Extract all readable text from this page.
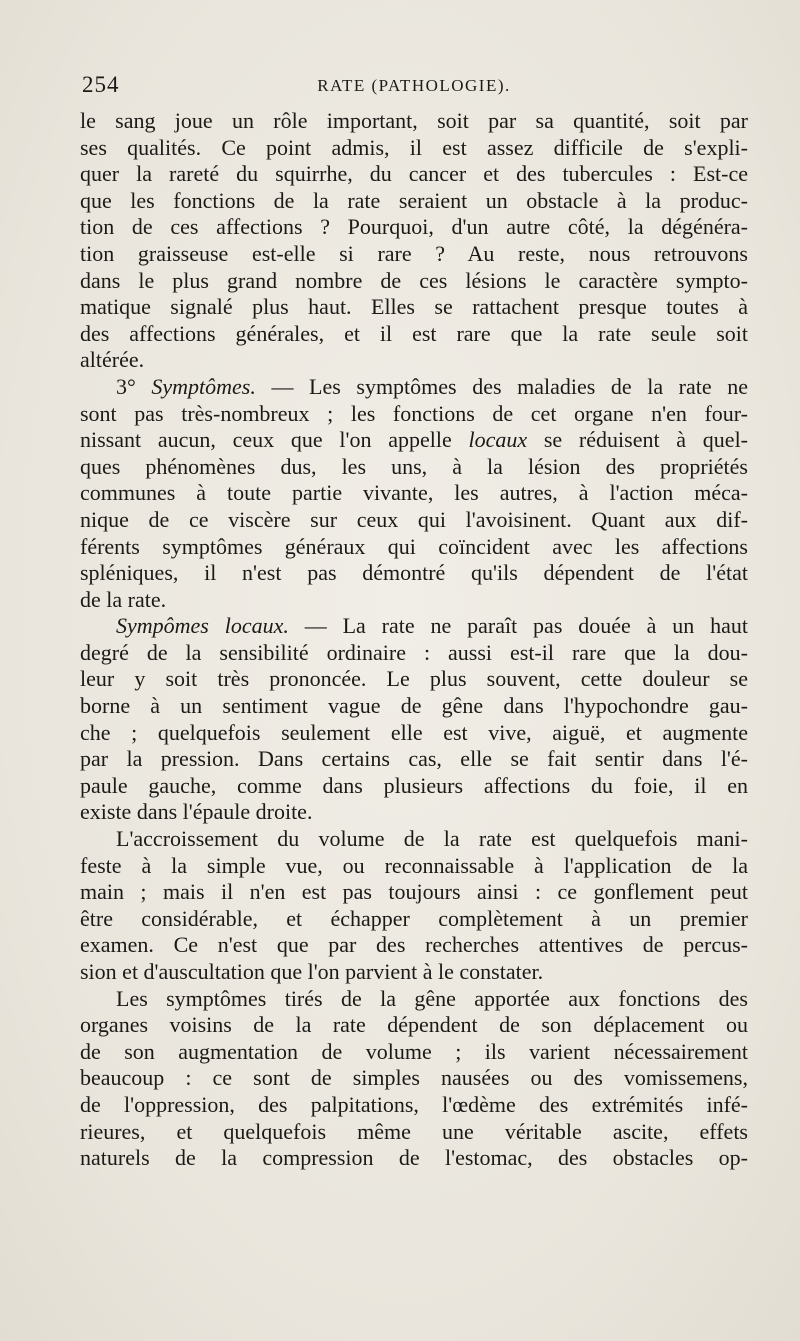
254	RATE (PATHOLOGIE).
le sang joue un rôle important, soit par sa quantité, soit par
ses qualités. Ce point admis, il est assez difficile de s'expli-
quer la rareté du squirrhe, du cancer et des tubercules : Est-ce
que les fonctions de la rate seraient un obstacle à la produc-
tion de ces affections ? Pourquoi, d'un autre côté, la dégénéra-
tion graisseuse est-elle si rare ? Au reste, nous retrouvons
dans le plus grand nombre de ces lésions le caractère sympto-
matique signalé plus haut. Elles se rattachent presque toutes à
des affections générales, et il est rare que la rate seule soit
altérée.
3° Symptômes. — Les symptômes des maladies de la rate ne
sont pas très-nombreux ; les fonctions de cet organe n'en four-
nissant aucun, ceux que l'on appelle locaux se réduisent à quel-
ques phénomènes dus, les uns, à la lésion des propriétés
communes à toute partie vivante, les autres, à l'action méca-
nique de ce viscère sur ceux qui l'avoisinent. Quant aux dif-
férents symptômes généraux qui coïncident avec les affections
spléniques, il n'est pas démontré qu'ils dépendent de l'état
de la rate.
Sympômes locaux. — La rate ne paraît pas douée à un haut
degré de la sensibilité ordinaire : aussi est-il rare que la dou-
leur y soit très prononcée. Le plus souvent, cette douleur se
borne à un sentiment vague de gêne dans l'hypochondre gau-
che ; quelquefois seulement elle est vive, aiguë, et augmente
par la pression. Dans certains cas, elle se fait sentir dans l'é-
paule gauche, comme dans plusieurs affections du foie, il en
existe dans l'épaule droite.
L'accroissement du volume de la rate est quelquefois mani-
feste à la simple vue, ou reconnaissable à l'application de la
main ; mais il n'en est pas toujours ainsi : ce gonflement peut
être considérable, et échapper complètement à un premier
examen. Ce n'est que par des recherches attentives de percus-
sion et d'auscultation que l'on parvient à le constater.
Les symptômes tirés de la gêne apportée aux fonctions des
organes voisins de la rate dépendent de son déplacement ou
de son augmentation de volume ; ils varient nécessairement
beaucoup : ce sont de simples nausées ou des vomissemens,
de l'oppression, des palpitations, l'œdème des extrémités infé-
rieures, et quelquefois même une véritable ascite, effets
naturels de la compression de l'estomac, des obstacles op-
